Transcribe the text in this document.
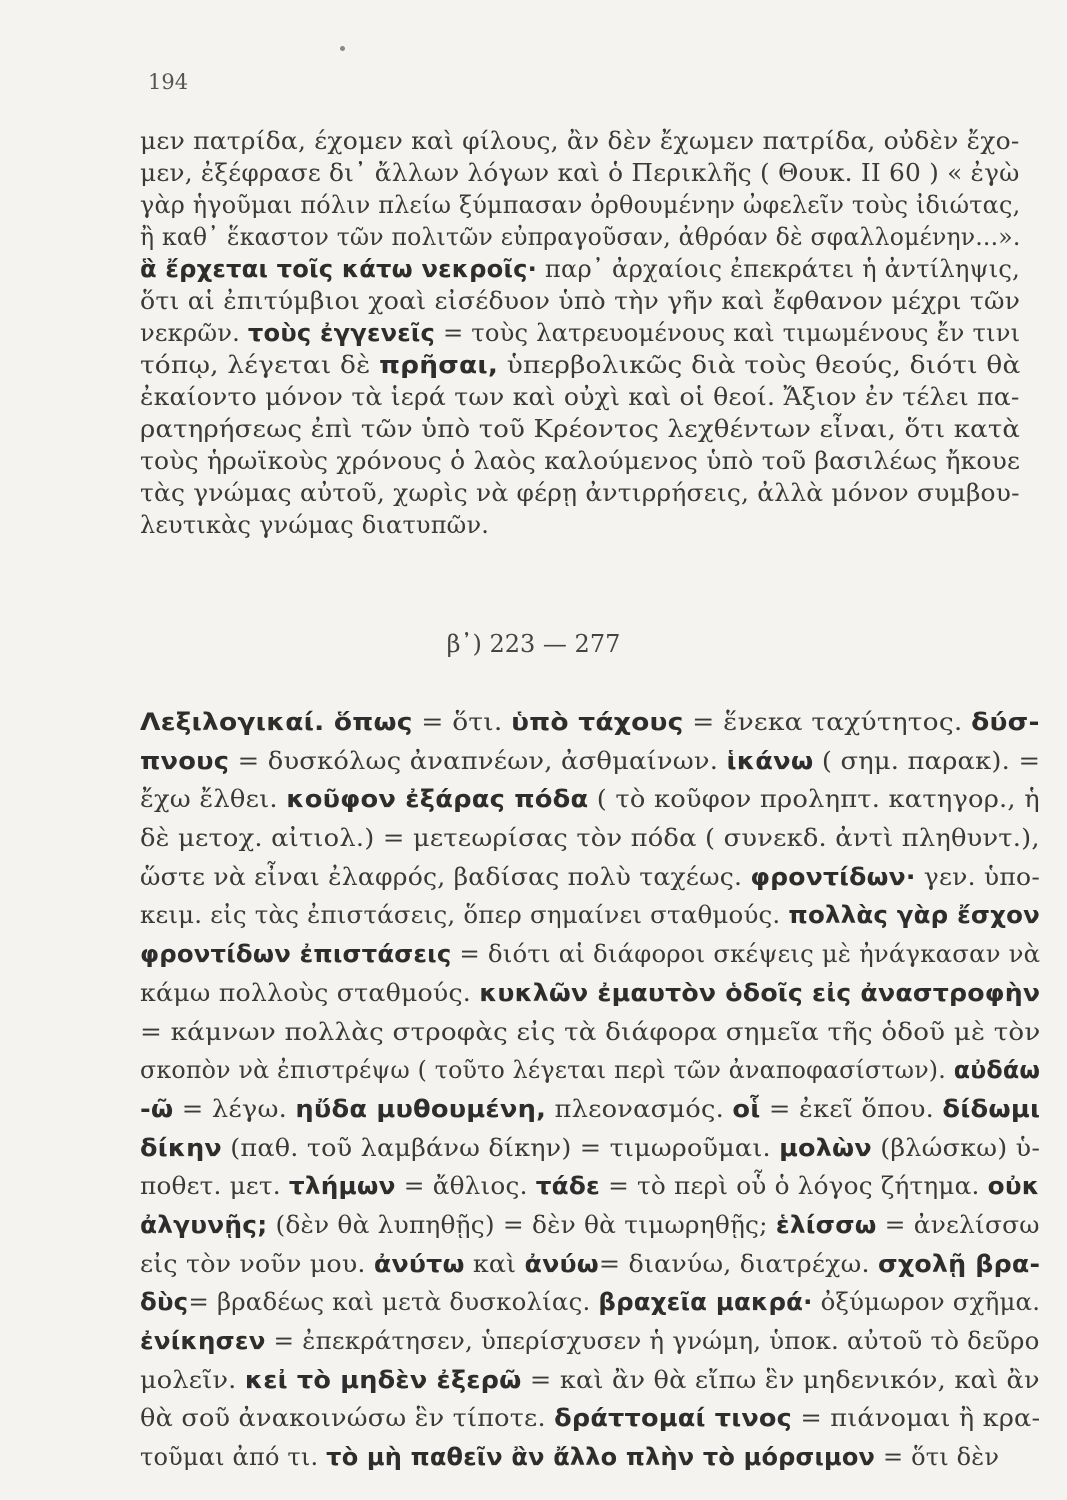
194
μεν πατρίδα, έχομεν καὶ φίλους, ἂν δὲν ἔχωμεν πατρίδα, οὐδὲν ἔχο-
μεν, ἐξέφρασε δι᾽ ἄλλων λόγων καὶ ὁ Περικλῆς ( Θουκ. II 60 ) « ἐγὼ
γὰρ ἡγοῦμαι πόλιν πλείω ξύμπασαν ὀρθουμένην ὠφελεῖν τοὺς ἰδιώτας,
ἢ καθ᾽ ἕκαστον τῶν πολιτῶν εὐπραγοῦσαν, ἀθρόαν δὲ σφαλλομένην...».
ἃ ἔρχεται τοῖς κάτω νεκροῖς· παρ᾽ ἀρχαίοις ἐπεκράτει ἡ ἀντίληψις,
ὅτι αἱ ἐπιτύμβιοι χοαὶ εἰσέδυον ὑπὸ τὴν γῆν καὶ ἔφθανον μέχρι τῶν
νεκρῶν. τοὺς ἐγγενεῖς = τοὺς λατρευομένους καὶ τιμωμένους ἔν τινι
τόπῳ, λέγεται δὲ πρῆσαι, ὑπερβολικῶς διὰ τοὺς θεούς, διότι θὰ
ἐκαίοντο μόνον τὰ ἱερά των καὶ οὐχὶ καὶ οἱ θεοί. Ἄξιον ἐν τέλει πα-
ρατηρήσεως ἐπὶ τῶν ὑπὸ τοῦ Κρέοντος λεχθέντων εἶναι, ὅτι κατὰ
τοὺς ἡρωϊκοὺς χρόνους ὁ λαὸς καλούμενος ὑπὸ τοῦ βασιλέως ἤκουε
τὰς γνώμας αὐτοῦ, χωρὶς νὰ φέρῃ ἀντιρρήσεις, ἀλλὰ μόνον συμβου-
λευτικὰς γνώμας διατυπῶν.
β᾽) 223 — 277
Λεξιλογικαί. ὅπως = ὅτι. ὑπὸ τάχους = ἕνεκα ταχύτητος. δύσ-
πνους = δυσκόλως ἀναπνέων, ἀσθμαίνων. ἱκάνω ( σημ. παρακ). =
ἔχω ἔλθει. κοῦφον ἐξάρας πόδα ( τὸ κοῦφον προληπτ. κατηγορ., ἡ
δὲ μετοχ. αἰτιολ.) = μετεωρίσας τὸν πόδα ( συνεκδ. ἀντὶ πληθυντ.),
ὥστε νὰ εἶναι ἐλαφρός, βαδίσας πολὺ ταχέως. φροντίδων· γεν. ὑπο-
κειμ. εἰς τὰς ἐπιστάσεις, ὅπερ σημαίνει σταθμούς. πολλὰς γὰρ ἔσχον
φροντίδων ἐπιστάσεις = διότι αἱ διάφοροι σκέψεις μὲ ἠνάγκασαν νὰ
κάμω πολλοὺς σταθμούς. κυκλῶν ἐμαυτὸν ὁδοῖς εἰς ἀναστροφὴν
= κάμνων πολλὰς στροφὰς εἰς τὰ διάφορα σημεῖα τῆς ὁδοῦ μὲ τὸν
σκοπὸν νὰ ἐπιστρέψω ( τοῦτο λέγεται περὶ τῶν ἀναποφασίστων). αὐδάω
-ῶ = λέγω. ηὔδα μυθουμένη, πλεονασμός. οἷ = ἐκεῖ ὅπου. δίδωμι
δίκην (παθ. τοῦ λαμβάνω δίκην) = τιμωροῦμαι. μολὼν (βλώσκω) ὑ-
ποθετ. μετ. τλήμων = ἄθλιος. τάδε = τὸ περὶ οὗ ὁ λόγος ζήτημα. οὐκ
ἀλγυνῇς; (δὲν θὰ λυπηθῇς) = δὲν θὰ τιμωρηθῇς; ἑλίσσω = ἀνελίσσω
εἰς τὸν νοῦν μου. ἀνύτω καὶ ἀνύω= διανύω, διατρέχω. σχολῇ βρα-
δὺς= βραδέως καὶ μετὰ δυσκολίας. βραχεῖα μακρά· ὀξύμωρον σχῆμα.
ἐνίκησεν = ἐπεκράτησεν, ὑπερίσχυσεν ἡ γνώμη, ὑποκ. αὐτοῦ τὸ δεῦρο
μολεῖν. κεἰ τὸ μηδὲν ἐξερῶ = καὶ ἂν θὰ εἴπω ἓν μηδενικόν, καὶ ἂν
θὰ σοῦ ἀνακοινώσω ἓν τίποτε. δράττομαί τινος = πιάνομαι ἢ κρα-
τοῦμαι ἀπό τι. τὸ μὴ παθεῖν ἂν ἄλλο πλὴν τὸ μόρσιμον = ὅτι δὲν
